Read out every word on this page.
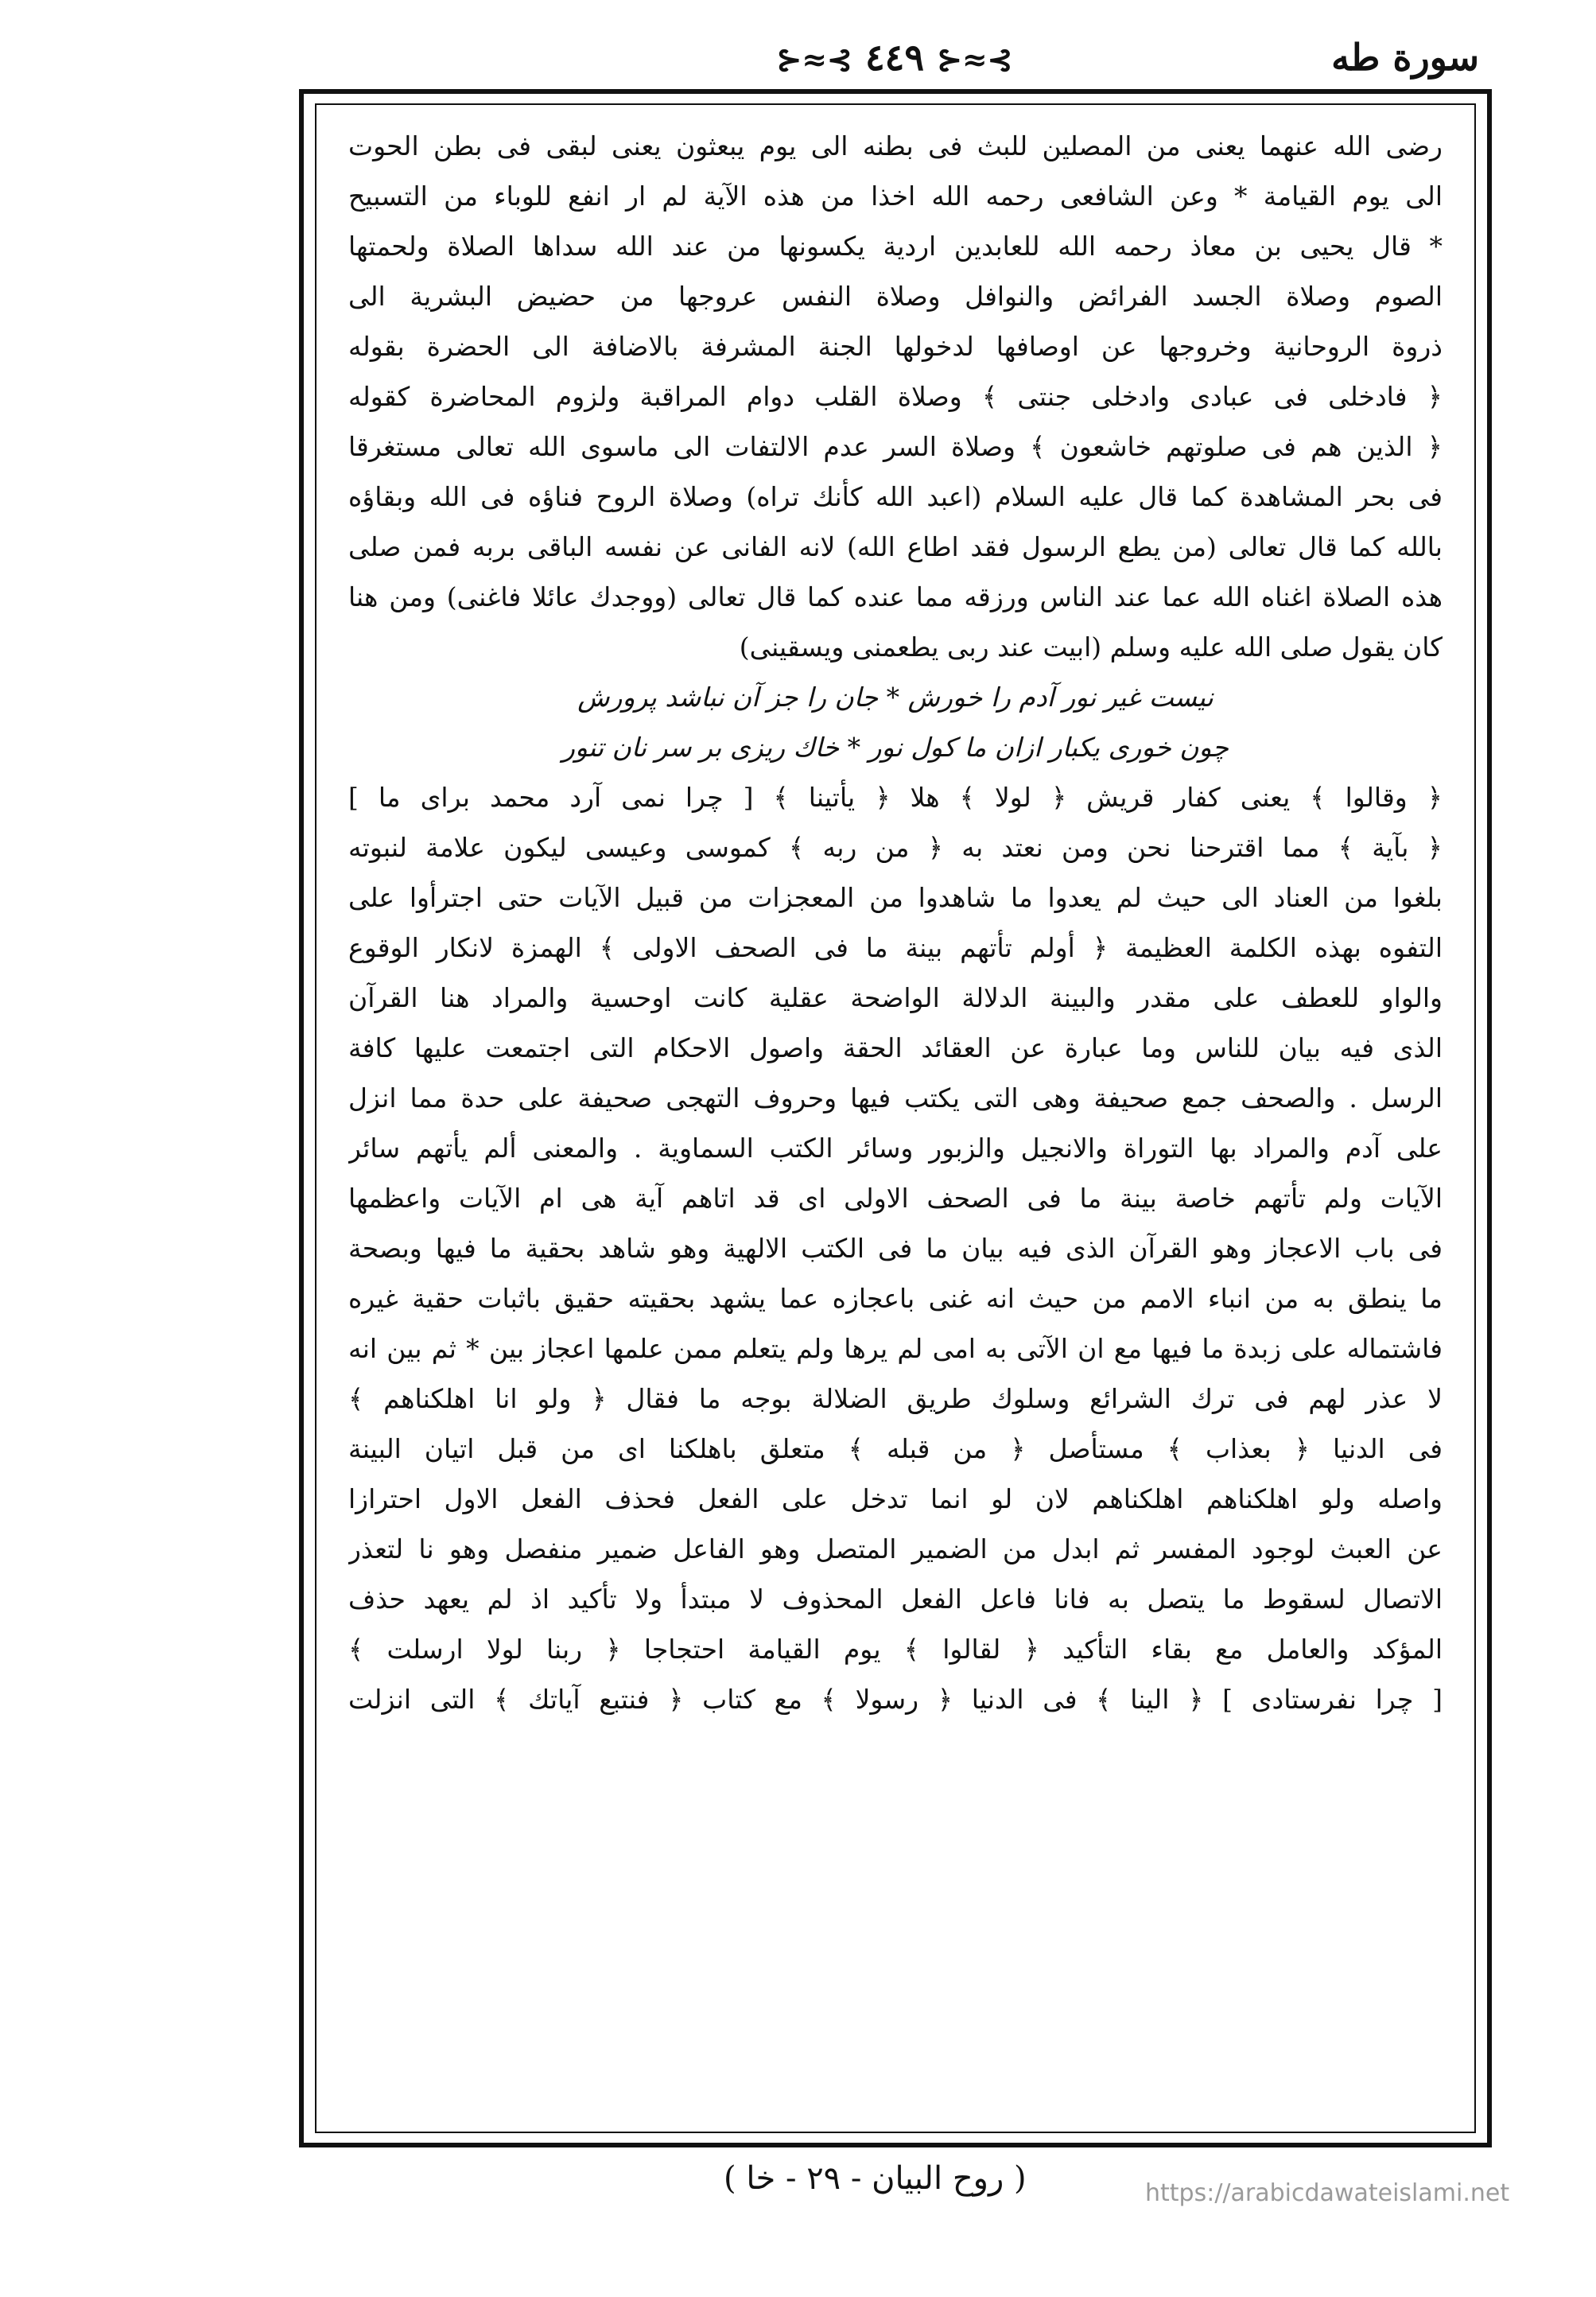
سورة طه
⊱≈⊰ ٤٤٩ ⊱≈⊰
رضى الله عنهما يعنى من المصلين للبث فى بطنه الى يوم يبعثون يعنى لبقى فى بطن الحوت
الى يوم القيامة * وعن الشافعى رحمه الله اخذا من هذه الآية لم ار انفع للوباء من التسبيح
* قال يحيى بن معاذ رحمه الله للعابدين اردية يكسونها من عند الله سداها الصلاة ولحمتها
الصوم وصلاة الجسد الفرائض والنوافل وصلاة النفس عروجها من حضيض البشرية الى
ذروة الروحانية وخروجها عن اوصافها لدخولها الجنة المشرفة بالاضافة الى الحضرة بقوله
﴿ فادخلى فى عبادى وادخلى جنتى ﴾ وصلاة القلب دوام المراقبة ولزوم المحاضرة كقوله
﴿ الذين هم فى صلوتهم خاشعون ﴾ وصلاة السر عدم الالتفات الى ماسوى الله تعالى مستغرقا
فى بحر المشاهدة كما قال عليه السلام (اعبد الله كأنك تراه) وصلاة الروح فناؤه فى الله وبقاؤه
بالله كما قال تعالى (من يطع الرسول فقد اطاع الله) لانه الفانى عن نفسه الباقى بربه فمن صلى
هذه الصلاة اغناه الله عما عند الناس ورزقه مما عنده كما قال تعالى (ووجدك عائلا فاغنى) ومن هنا
كان يقول صلى الله عليه وسلم (ابيت عند ربى يطعمنى ويسقينى)
نيست غير نور آدم را خورش * جان را جز آن نباشد پرورش
چون خورى يكبار ازان ما كول نور * خاك ريزى بر سر نان تنور
﴿ وقالوا ﴾ يعنى كفار قريش ﴿ لولا ﴾ هلا ﴿ يأتينا ﴾ [ چرا نمى آرد محمد براى ما ]
﴿ بآية ﴾ مما اقترحنا نحن ومن نعتد به ﴿ من ربه ﴾ كموسى وعيسى ليكون علامة لنبوته
بلغوا من العناد الى حيث لم يعدوا ما شاهدوا من المعجزات من قبيل الآيات حتى اجترأوا على
التفوه بهذه الكلمة العظيمة ﴿ أولم تأتهم بينة ما فى الصحف الاولى ﴾ الهمزة لانكار الوقوع
والواو للعطف على مقدر والبينة الدلالة الواضحة عقلية كانت اوحسية والمراد هنا القرآن
الذى فيه بيان للناس وما عبارة عن العقائد الحقة واصول الاحكام التى اجتمعت عليها كافة
الرسل . والصحف جمع صحيفة وهى التى يكتب فيها وحروف التهجى صحيفة على حدة مما انزل
على آدم والمراد بها التوراة والانجيل والزبور وسائر الكتب السماوية . والمعنى ألم يأتهم سائر
الآيات ولم تأتهم خاصة بينة ما فى الصحف الاولى اى قد اتاهم آية هى ام الآيات واعظمها
فى باب الاعجاز وهو القرآن الذى فيه بيان ما فى الكتب الالهية وهو شاهد بحقية ما فيها وبصحة
ما ينطق به من انباء الامم من حيث انه غنى باعجازه عما يشهد بحقيته حقيق باثبات حقية غيره
فاشتماله على زبدة ما فيها مع ان الآتى به امى لم يرها ولم يتعلم ممن علمها اعجاز بين * ثم بين انه
لا عذر لهم فى ترك الشرائع وسلوك طريق الضلالة بوجه ما فقال ﴿ ولو انا اهلكناهم ﴾
فى الدنيا ﴿ بعذاب ﴾ مستأصل ﴿ من قبله ﴾ متعلق باهلكنا اى من قبل اتيان البينة
واصله ولو اهلكناهم اهلكناهم لان لو انما تدخل على الفعل فحذف الفعل الاول احترازا
عن العبث لوجود المفسر ثم ابدل من الضمير المتصل وهو الفاعل ضمير منفصل وهو نا لتعذر
الاتصال لسقوط ما يتصل به فانا فاعل الفعل المحذوف لا مبتدأ ولا تأكيد اذ لم يعهد حذف
المؤكد والعامل مع بقاء التأكيد ﴿ لقالوا ﴾ يوم القيامة احتجاجا ﴿ ربنا لولا ارسلت ﴾
[ چرا نفرستادى ] ﴿ الينا ﴾ فى الدنيا ﴿ رسولا ﴾ مع كتاب ﴿ فنتبع آياتك ﴾ التى انزلت
( روح البيان - ٢٩ - خا )	https://arabicdawateislami.net
